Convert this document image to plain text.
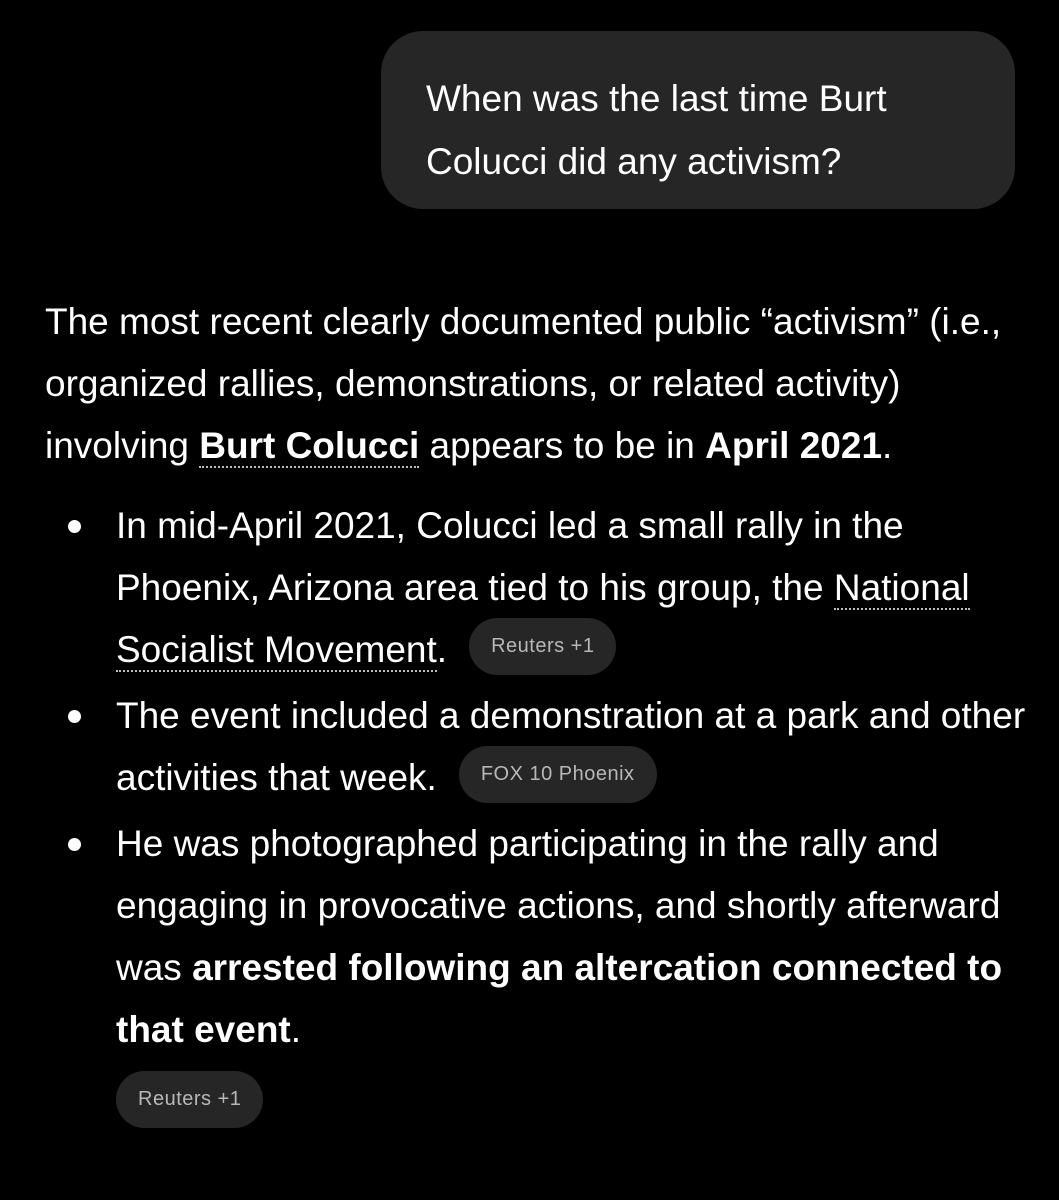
When was the last time Burt Colucci did any activism?

The most recent clearly documented public “activism” (i.e., organized rallies, demonstrations, or related activity) involving Burt Colucci appears to be in April 2021.

In mid-April 2021, Colucci led a small rally in the Phoenix, Arizona area tied to his group, the National Socialist Movement. Reuters +1
The event included a demonstration at a park and other activities that week. FOX 10 Phoenix
He was photographed participating in the rally and engaging in provocative actions, and shortly afterward was arrested following an altercation connected to that event.
Reuters +1
